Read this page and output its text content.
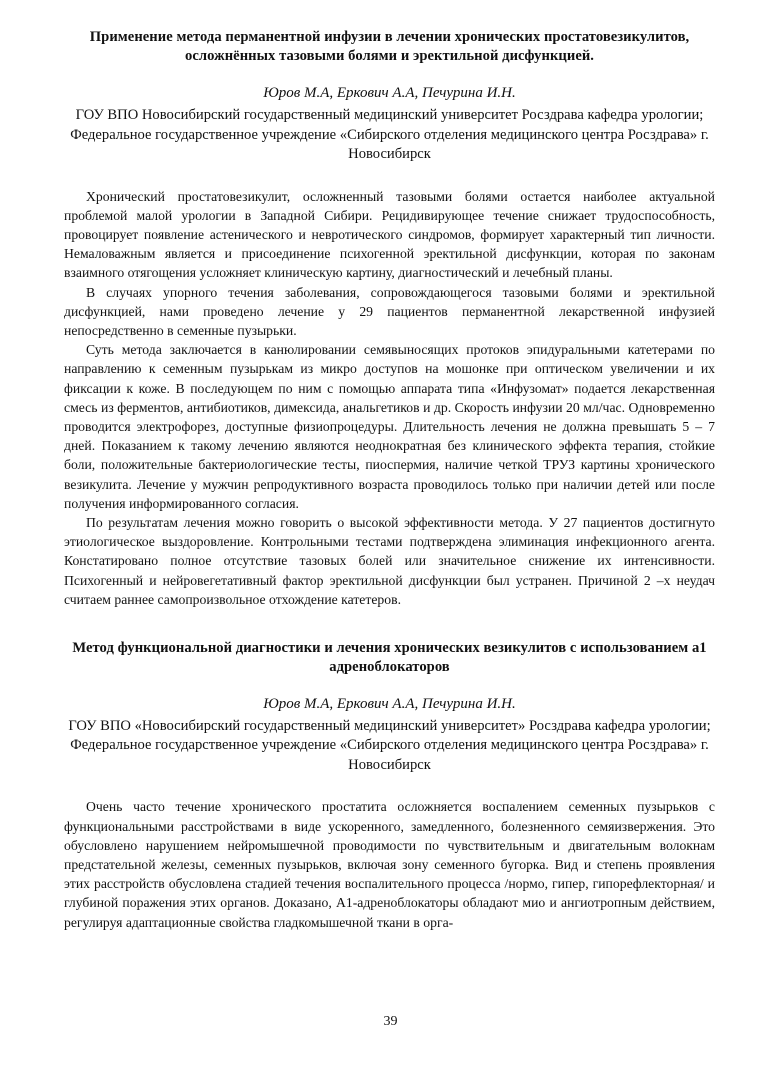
Применение метода перманентной инфузии в лечении хронических простатовезикулитов, осложнённых тазовыми болями и эректильной дисфункцией.
Юров М.А, Еркович А.А, Печурина И.Н.
ГОУ ВПО Новосибирский государственный медицинский университет Росздрава кафедра урологии; Федеральное государственное учреждение «Сибирского отделения медицинского центра Росздрава» г. Новосибирск

Хронический простатовезикулит, осложненный тазовыми болями остается наиболее актуальной проблемой малой урологии в Западной Сибири. Рецидивирующее течение снижает трудоспособность, провоцирует появление астенического и невротического синдромов, формирует характерный тип личности. Немаловажным является и присоединение психогенной эректильной дисфункции, которая по законам взаимного отягощения усложняет клиническую картину, диагностический и лечебный планы.

В случаях упорного течения заболевания, сопровождающегося тазовыми болями и эректильной дисфункцией, нами проведено лечение у 29 пациентов перманентной лекарственной инфузией непосредственно в семенные пузырьки.

Суть метода заключается в канюлировании семявыносящих протоков эпидуральными катетерами по направлению к семенным пузырькам из микро доступов на мошонке при оптическом увеличении и их фиксации к коже. В последующем по ним с помощью аппарата типа «Инфузомат» подается лекарственная смесь из ферментов, антибиотиков, димексида, анальгетиков и др. Скорость инфузии 20 мл/час. Одновременно проводится электрофорез, доступные физиопроцедуры. Длительность лечения не должна превышать 5 – 7 дней. Показанием к такому лечению являются неоднократная без клинического эффекта терапия, стойкие боли, положительные бактериологические тесты, пиоспермия, наличие четкой ТРУЗ картины хронического везикулита. Лечение у мужчин репродуктивного возраста проводилось только при наличии детей или после получения информированного согласия.

По результатам лечения можно говорить о высокой эффективности метода. У 27 пациентов достигнуто этиологическое выздоровление. Контрольными тестами подтверждена элиминация инфекционного агента. Констатировано полное отсутствие тазовых болей или значительное снижение их интенсивности. Психогенный и нейровегетативный фактор эректильной дисфункции был устранен. Причиной 2 –х неудач считаем раннее самопроизвольное отхождение катетеров.

Метод функциональной диагностики и лечения хронических везикулитов с использованием а1 адреноблокаторов
Юров М.А, Еркович А.А, Печурина И.Н.
ГОУ ВПО «Новосибирский государственный медицинский университет» Росздрава кафедра урологии; Федеральное государственное учреждение «Сибирского отделения медицинского центра Росздрава» г. Новосибирск

Очень часто течение хронического простатита осложняется воспалением семенных пузырьков с функциональными расстройствами в виде ускоренного, замедленного, болезненного семяизвержения. Это обусловлено нарушением нейромышечной проводимости по чувствительным и двигательным волокнам предстательной железы, семенных пузырьков, включая зону семенного бугорка. Вид и степень проявления этих расстройств обусловлена стадией течения воспалительного процесса /нормо, гипер, гипорефлекторная/ и глубиной поражения этих органов. Доказано, А1-адреноблокаторы обладают мио и ангиотропным действием, регулируя адаптационные свойства гладкомышечной ткани в орга-

39
